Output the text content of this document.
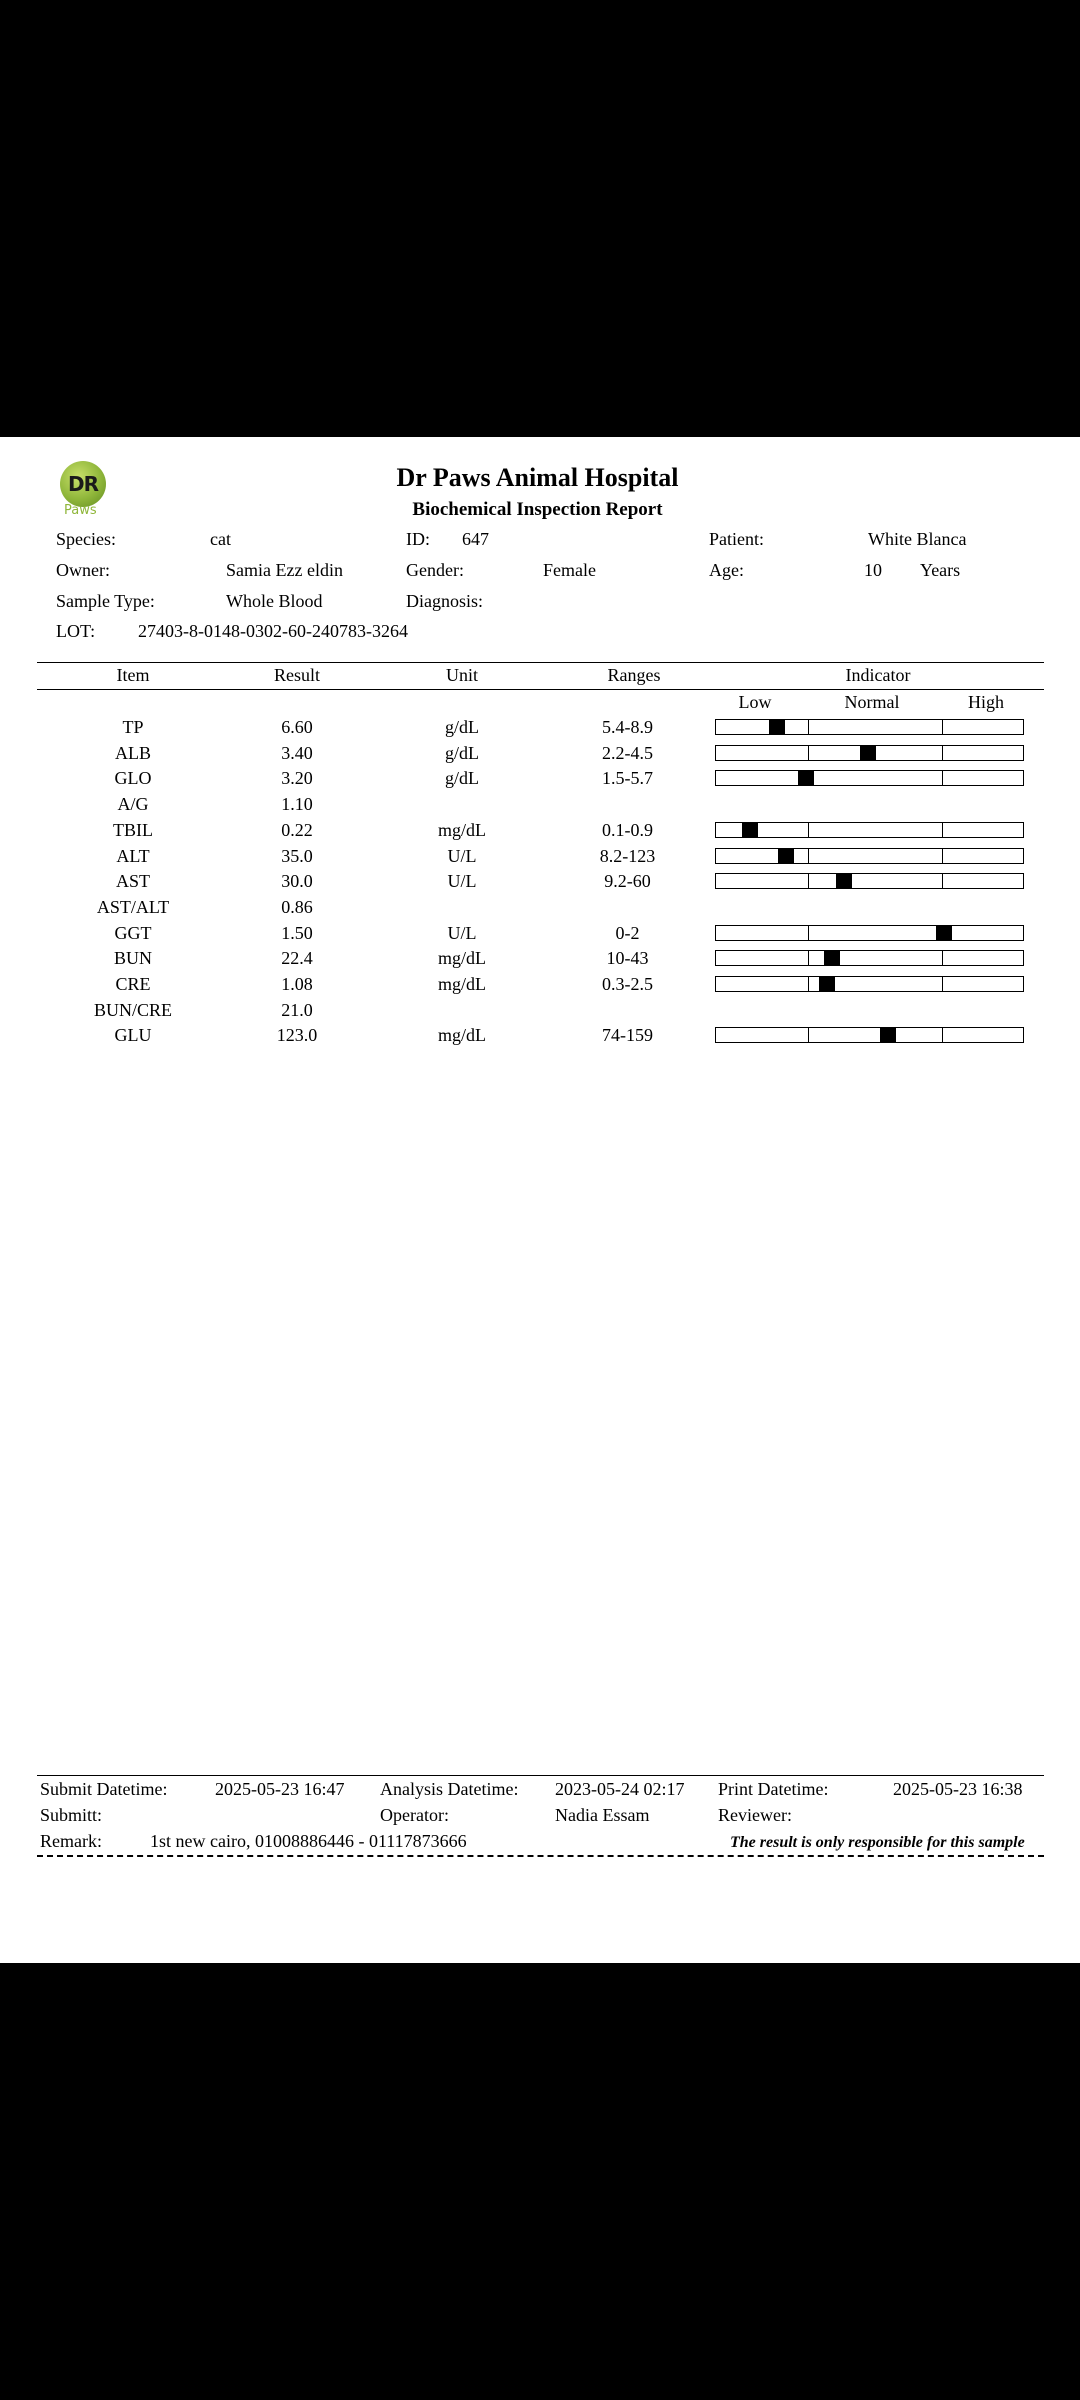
DR
Paws
Dr Paws Animal Hospital
Biochemical Inspection Report
Species:	cat	ID: 647	Patient:	White Blanca
Owner:	Samia Ezz eldin	Gender:	Female	Age:	10 Years
Sample Type:	Whole Blood	Diagnosis:
LOT: 27403-8-0148-0302-60-240783-3264
Item	Result	Unit	Ranges	Indicator
Low	Normal	High
TP	6.60	g/dL	5.4-8.9
ALB	3.40	g/dL	2.2-4.5
GLO	3.20	g/dL	1.5-5.7
A/G	1.10
TBIL	0.22	mg/dL	0.1-0.9
ALT	35.0	U/L	8.2-123
AST	30.0	U/L	9.2-60
AST/ALT	0.86
GGT	1.50	U/L	0-2
BUN	22.4	mg/dL	10-43
CRE	1.08	mg/dL	0.3-2.5
BUN/CRE	21.0
GLU	123.0	mg/dL	74-159
Submit Datetime:	2025-05-23 16:47 Analysis Datetime: 2023-05-24 02:17 Print Datetime:	2025-05-23 16:38
Submitt:	Operator:	Nadia Essam	Reviewer:
Remark:	1st new cairo, 01008886446 - 01117873666	The result is only responsible for this sample
